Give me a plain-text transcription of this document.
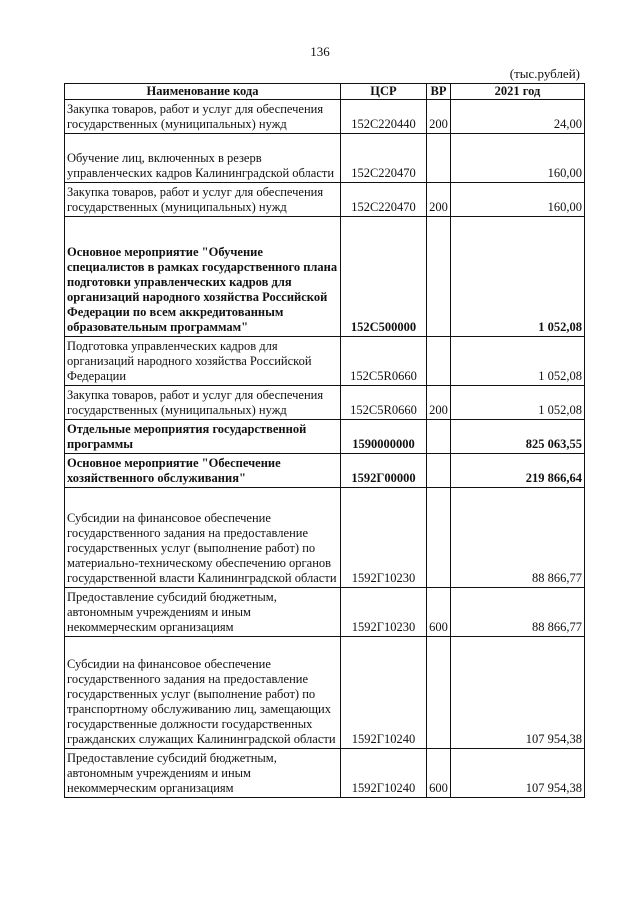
136
(тыс.рублей)
Наименование кода	ЦСР	ВР	2021 год
Закупка товаров, работ и услуг для обеспечения государственных (муниципальных) нужд	152С220440	200	24,00
Обучение лиц, включенных в резерв управленческих кадров Калининградской области	152С220470		160,00
Закупка товаров, работ и услуг для обеспечения государственных (муниципальных) нужд	152С220470	200	160,00
Основное мероприятие "Обучение специалистов в рамках государственного плана подготовки управленческих кадров для организаций народного хозяйства Российской Федерации по всем аккредитованным образовательным программам"	152С500000		1 052,08
Подготовка управленческих кадров для организаций народного хозяйства Российской Федерации	152С5R0660		1 052,08
Закупка товаров, работ и услуг для обеспечения государственных (муниципальных) нужд	152С5R0660	200	1 052,08
Отдельные мероприятия государственной программы	1590000000		825 063,55
Основное мероприятие "Обеспечение хозяйственного обслуживания"	1592Г00000		219 866,64
Субсидии на финансовое обеспечение государственного задания на предоставление государственных услуг (выполнение работ) по материально-техническому обеспечению органов государственной власти Калининградской области	1592Г10230		88 866,77
Предоставление субсидий бюджетным, автономным учреждениям и иным некоммерческим организациям	1592Г10230	600	88 866,77
Субсидии на финансовое обеспечение государственного задания на предоставление государственных услуг (выполнение работ) по транспортному обслуживанию лиц, замещающих государственные должности государственных гражданских служащих Калининградской области	1592Г10240		107 954,38
Предоставление субсидий бюджетным, автономным учреждениям и иным некоммерческим организациям	1592Г10240	600	107 954,38
